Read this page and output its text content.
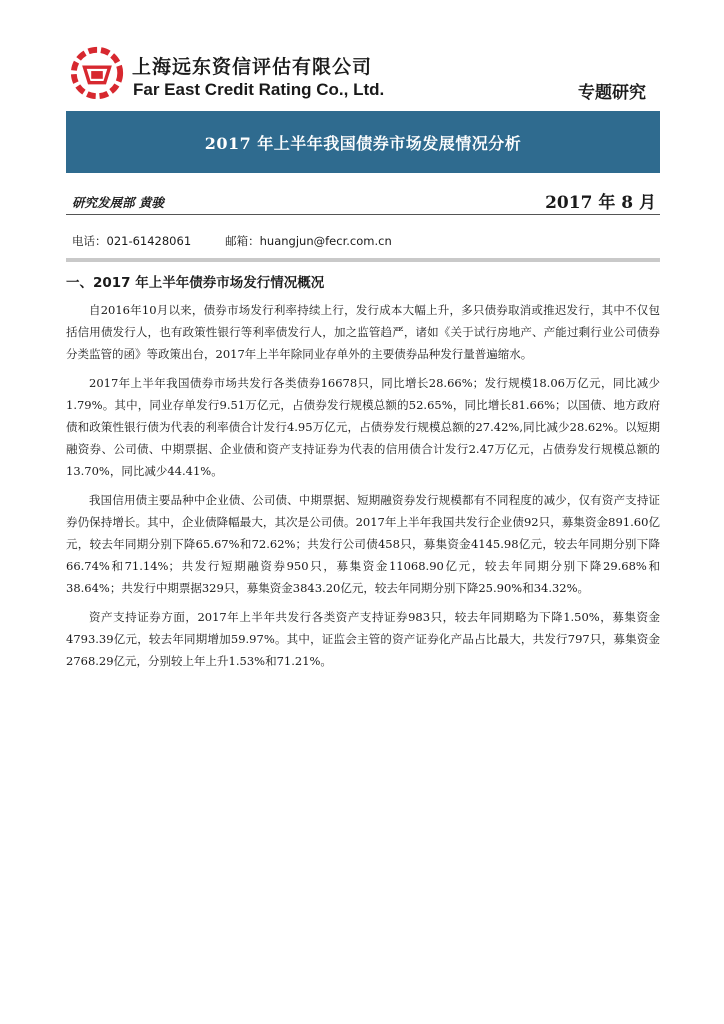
上海远东资信评估有限公司
Far East Credit Rating Co., Ltd.	专题研究
2017 年上半年我国债券市场发展情况分析
研究发展部 黄骏	2017 年 8 月
电话：021-61428061	邮箱：huangjun@fecr.com.cn
一、2017 年上半年债券市场发行情况概况

自2016年10月以来，债券市场发行利率持续上行，发行成本大幅上升，多只债券取消或推迟发行，其中不仅包括信用债发行人，也有政策性银行等利率债发行人，加之监管趋严，诸如《关于试行房地产、产能过剩行业公司债券分类监管的函》等政策出台，2017年上半年除同业存单外的主要债券品种发行量普遍缩水。

2017年上半年我国债券市场共发行各类债券16678只，同比增长28.66%；发行规模18.06万亿元，同比减少1.79%。其中，同业存单发行9.51万亿元，占债券发行规模总额的52.65%，同比增长81.66%；以国债、地方政府债和政策性银行债为代表的利率债合计发行4.95万亿元，占债券发行规模总额的27.42%,同比减少28.62%。以短期融资券、公司债、中期票据、企业债和资产支持证券为代表的信用债合计发行2.47万亿元，占债券发行规模总额的13.70%，同比减少44.41%。

我国信用债主要品种中企业债、公司债、中期票据、短期融资券发行规模都有不同程度的减少，仅有资产支持证券仍保持增长。其中，企业债降幅最大，其次是公司债。2017年上半年我国共发行企业债92只，募集资金891.60亿元，较去年同期分别下降65.67%和72.62%；共发行公司债458只，募集资金4145.98亿元，较去年同期分别下降66.74%和71.14%；共发行短期融资券950只，募集资金11068.90亿元，较去年同期分别下降29.68%和38.64%；共发行中期票据329只，募集资金3843.20亿元，较去年同期分别下降25.90%和34.32%。

资产支持证券方面，2017年上半年共发行各类资产支持证券983只，较去年同期略为下降1.50%，募集资金4793.39亿元，较去年同期增加59.97%。其中，证监会主管的资产证券化产品占比最大，共发行797只，募集资金2768.29亿元，分别较上年上升1.53%和71.21%。
